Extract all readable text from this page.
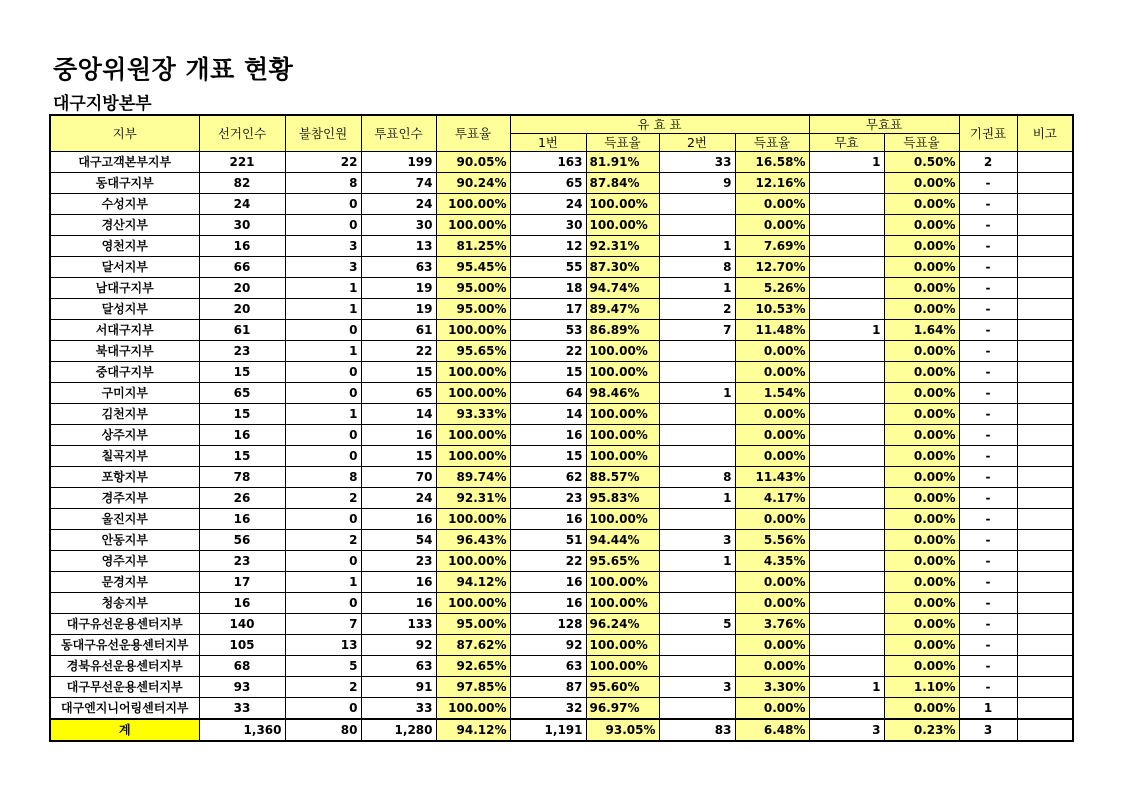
중앙위원장 개표 현황
대구지방본부
지부	선거인수	불참인원	투표인수	투표율	유 효 표				무효표		기권표	비고
					1번	득표율	2번	득표율	무효	득표율		
대구고객본부지부	221	22	199	90.05%	163	81.91%	33	16.58%	1	0.50%	2	
동대구지부	82	8	74	90.24%	65	87.84%	9	12.16%		0.00%	-	
수성지부	24	0	24	100.00%	24	100.00%		0.00%		0.00%	-	
경산지부	30	0	30	100.00%	30	100.00%		0.00%		0.00%	-	
영천지부	16	3	13	81.25%	12	92.31%	1	7.69%		0.00%	-	
달서지부	66	3	63	95.45%	55	87.30%	8	12.70%		0.00%	-	
남대구지부	20	1	19	95.00%	18	94.74%	1	5.26%		0.00%	-	
달성지부	20	1	19	95.00%	17	89.47%	2	10.53%		0.00%	-	
서대구지부	61	0	61	100.00%	53	86.89%	7	11.48%	1	1.64%	-	
북대구지부	23	1	22	95.65%	22	100.00%		0.00%		0.00%	-	
중대구지부	15	0	15	100.00%	15	100.00%		0.00%		0.00%	-	
구미지부	65	0	65	100.00%	64	98.46%	1	1.54%		0.00%	-	
김천지부	15	1	14	93.33%	14	100.00%		0.00%		0.00%	-	
상주지부	16	0	16	100.00%	16	100.00%		0.00%		0.00%	-	
칠곡지부	15	0	15	100.00%	15	100.00%		0.00%		0.00%	-	
포항지부	78	8	70	89.74%	62	88.57%	8	11.43%		0.00%	-	
경주지부	26	2	24	92.31%	23	95.83%	1	4.17%		0.00%	-	
울진지부	16	0	16	100.00%	16	100.00%		0.00%		0.00%	-	
안동지부	56	2	54	96.43%	51	94.44%	3	5.56%		0.00%	-	
영주지부	23	0	23	100.00%	22	95.65%	1	4.35%		0.00%	-	
문경지부	17	1	16	94.12%	16	100.00%		0.00%		0.00%	-	
청송지부	16	0	16	100.00%	16	100.00%		0.00%		0.00%	-	
대구유선운용센터지부	140	7	133	95.00%	128	96.24%	5	3.76%		0.00%	-	
동대구유선운용센터지부	105	13	92	87.62%	92	100.00%		0.00%		0.00%	-	
경북유선운용센터지부	68	5	63	92.65%	63	100.00%		0.00%		0.00%	-	
대구무선운용센터지부	93	2	91	97.85%	87	95.60%	3	3.30%	1	1.10%	-	
대구엔지니어링센터지부	33	0	33	100.00%	32	96.97%		0.00%		0.00%	1	
계	1,360	80	1,280	94.12%	1,191	93.05%	83	6.48%	3	0.23%	3	
